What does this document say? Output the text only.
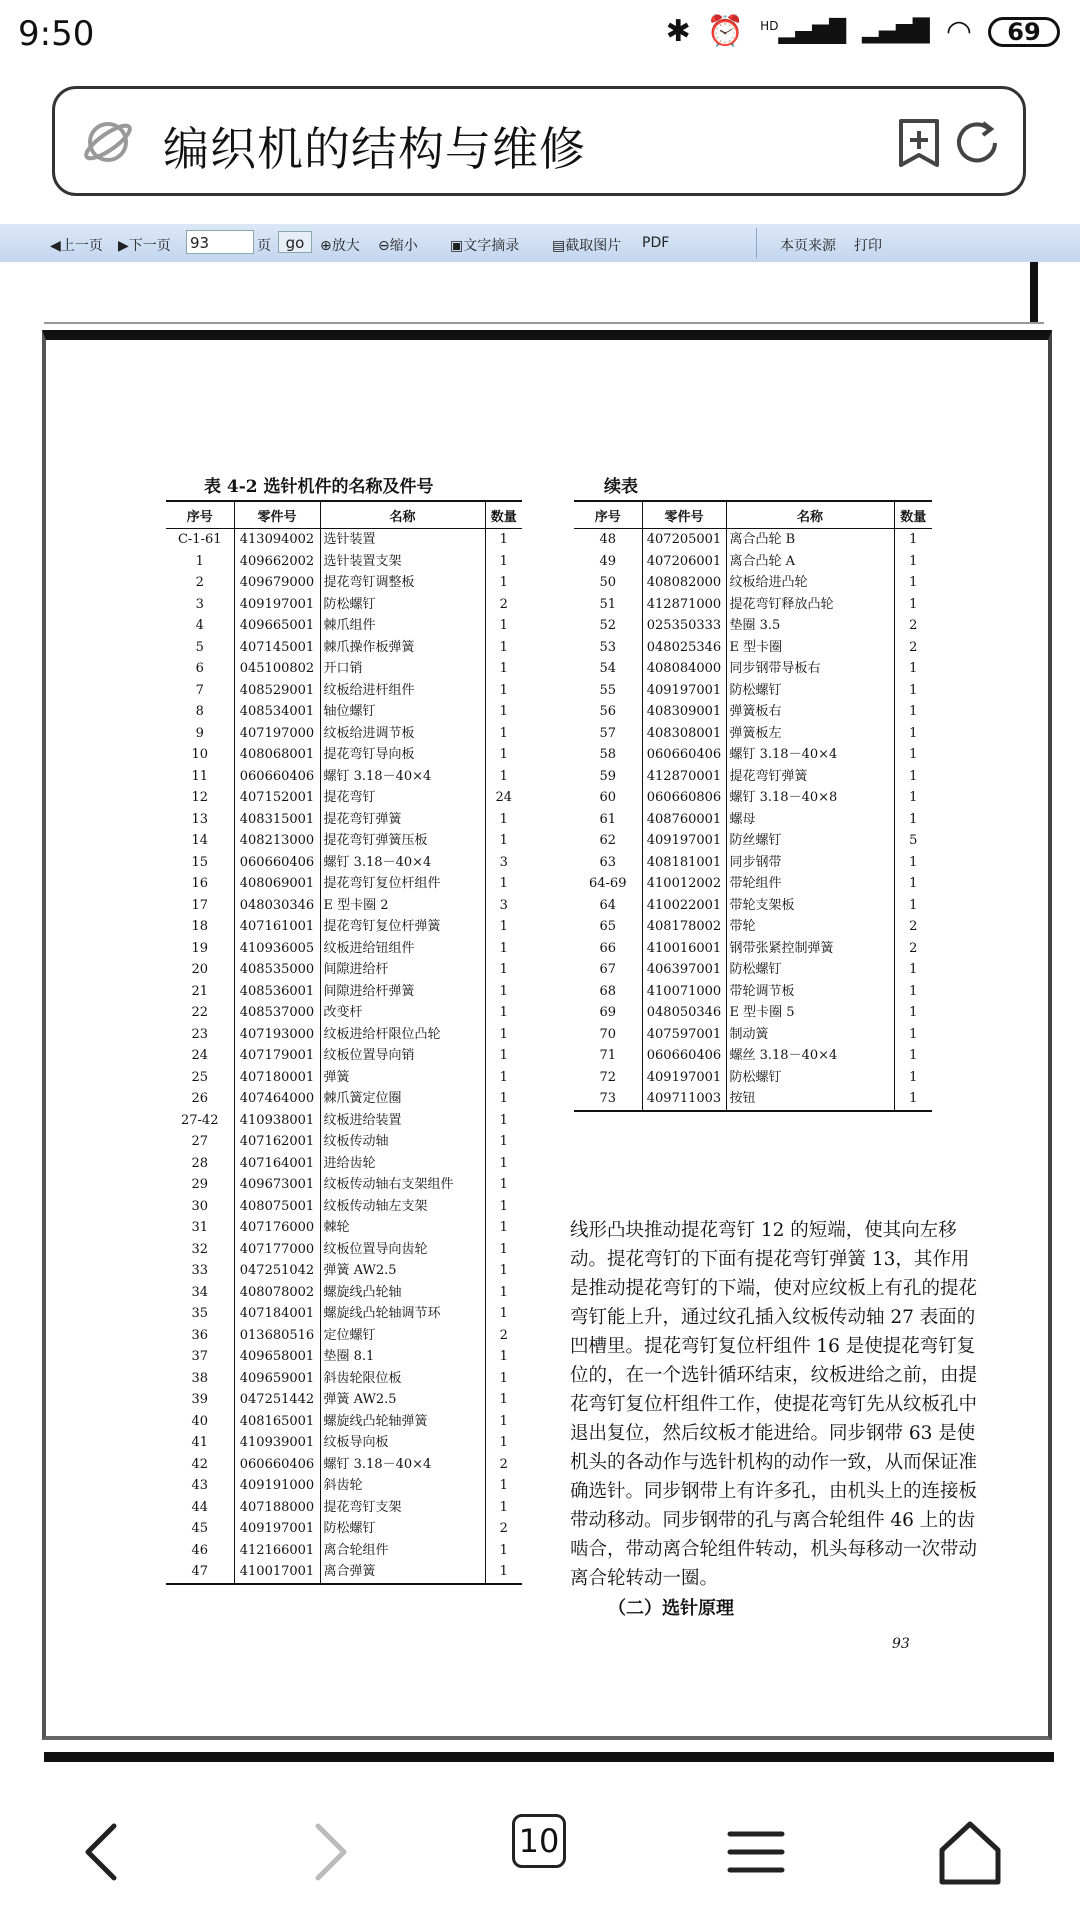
9:50	✱ ⏰ $^{HD}$▂▄▆█ ▂▄▆█ ◠	69
编织机的结构与维修
◀上一页 ▶下一页 93	页 go	⊕放大 ⊖缩小 ▣文字摘录 ▤截取图片 PDF	本页来源 打印
表 4-2 选针机件的名称及件号	续表
序号	零件号	名称	数量
C-1-61	413094002	选针装置	1
1	409662002	选针装置支架	1
2	409679000	提花弯钉调整板	1
3	409197001	防松螺钉	2
4	409665001	棘爪组件	1
5	407145001	棘爪操作板弹簧	1
6	045100802	开口销	1
7	408529001	纹板给进杆组件	1
8	408534001	轴位螺钉	1
9	407197000	纹板给进调节板	1
10	408068001	提花弯钉导向板	1
11	060660406	螺钉 3.18－40×4	1
12	407152001	提花弯钉	24
13	408315001	提花弯钉弹簧	1
14	408213000	提花弯钉弹簧压板	1
15	060660406	螺钉 3.18－40×4	3
16	408069001	提花弯钉复位杆组件	1
17	048030346	E 型卡圈 2	3
18	407161001	提花弯钉复位杆弹簧	1
19	410936005	纹板进给钮组件	1
20	408535000	间隙进给杆	1
21	408536001	间隙进给杆弹簧	1
22	408537000	改变杆	1
23	407193000	纹板进给杆限位凸轮	1
24	407179001	纹板位置导向销	1
25	407180001	弹簧	1
26	407464000	棘爪簧定位圈	1
27-42	410938001	纹板进给装置	1
27	407162001	纹板传动轴	1
28	407164001	进给齿轮	1
29	409673001	纹板传动轴右支架组件	1
30	408075001	纹板传动轴左支架	1
31	407176000	棘轮	1
32	407177000	纹板位置导向齿轮	1
33	047251042	弹簧 AW2.5	1
34	408078002	螺旋线凸轮轴	1
35	407184001	螺旋线凸轮轴调节环	1
36	013680516	定位螺钉	2
37	409658001	垫圈 8.1	1
38	409659001	斜齿轮限位板	1
39	047251442	弹簧 AW2.5	1
40	408165001	螺旋线凸轮轴弹簧	1
41	410939001	纹板导向板	1
42	060660406	螺钉 3.18－40×4	2
43	409191000	斜齿轮	1
44	407188000	提花弯钉支架	1
45	409197001	防松螺钉	2
46	412166001	离合轮组件	1
47	410017001	离合弹簧	1
序号	零件号	名称	数量
48	407205001	离合凸轮 B	1
49	407206001	离合凸轮 A	1
50	408082000	纹板给进凸轮	1
51	412871000	提花弯钉释放凸轮	1
52	025350333	垫圈 3.5	2
53	048025346	E 型卡圈	2
54	408084000	同步钢带导板右	1
55	409197001	防松螺钉	1
56	408309001	弹簧板右	1
57	408308001	弹簧板左	1
58	060660406	螺钉 3.18－40×4	1
59	412870001	提花弯钉弹簧	1
60	060660806	螺钉 3.18－40×8	1
61	408760001	螺母	1
62	409197001	防丝螺钉	5
63	408181001	同步钢带	1
64-69	410012002	带轮组件	1
64	410022001	带轮支架板	1
65	408178002	带轮	2
66	410016001	钢带张紧控制弹簧	2
67	406397001	防松螺钉	1
68	410071000	带轮调节板	1
69	048050346	E 型卡圈 5	1
70	407597001	制动簧	1
71	060660406	螺丝 3.18－40×4	1
72	409197001	防松螺钉	1
73	409711003	按钮	1
线形凸块推动提花弯钉 12 的短端，使其向左移动。提花弯钉的下面有提花弯钉弹簧 13，其作用是推动提花弯钉的下端，使对应纹板上有孔的提花弯钉能上升，通过纹孔插入纹板传动轴 27 表面的凹槽里。提花弯钉复位杆组件 16 是使提花弯钉复位的，在一个选针循环结束，纹板进给之前，由提花弯钉复位杆组件工作，使提花弯钉先从纹板孔中退出复位，然后纹板才能进给。同步钢带 63 是使机头的各动作与选针机构的动作一致，从而保证准确选针。同步钢带上有许多孔，由机头上的连接板带动移动。同步钢带的孔与离合轮组件 46 上的齿啮合，带动离合轮组件转动，机头每移动一次带动离合轮转动一圈。
（二）选针原理
93
10
